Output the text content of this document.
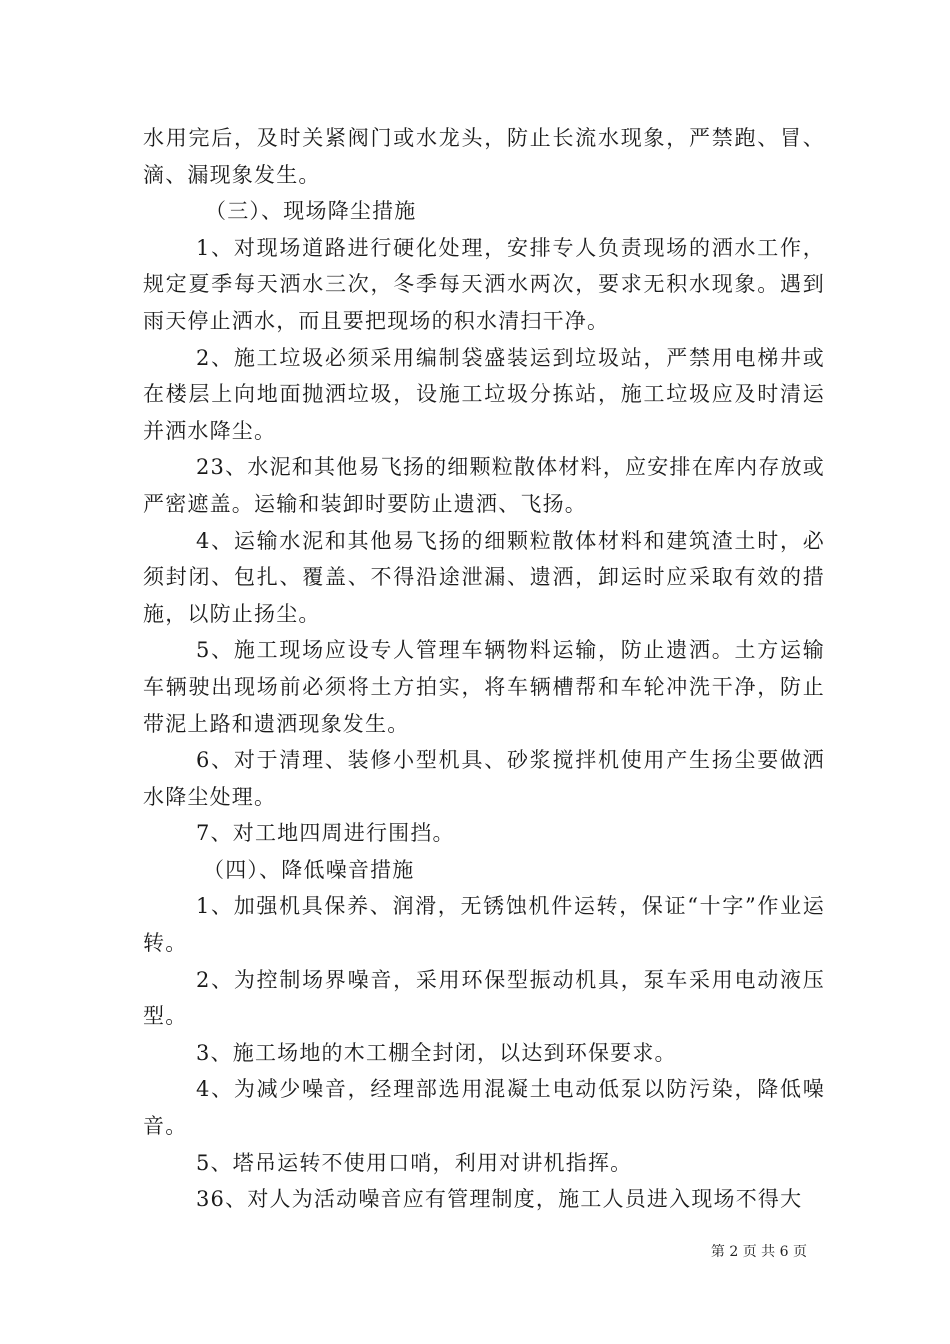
水用完后，及时关紧阀门或水龙头，防止长流水现象，严禁跑、冒、滴、漏现象发生。

（三）、现场降尘措施

1、对现场道路进行硬化处理，安排专人负责现场的洒水工作，规定夏季每天洒水三次，冬季每天洒水两次，要求无积水现象。遇到雨天停止洒水，而且要把现场的积水清扫干净。

2、施工垃圾必须采用编制袋盛装运到垃圾站，严禁用电梯井或在楼层上向地面抛洒垃圾，设施工垃圾分拣站，施工垃圾应及时清运并洒水降尘。

23、水泥和其他易飞扬的细颗粒散体材料，应安排在库内存放或严密遮盖。运输和装卸时要防止遗洒、飞扬。

4、运输水泥和其他易飞扬的细颗粒散体材料和建筑渣土时，必须封闭、包扎、覆盖、不得沿途泄漏、遗洒，卸运时应采取有效的措施，以防止扬尘。

5、施工现场应设专人管理车辆物料运输，防止遗洒。土方运输车辆驶出现场前必须将土方拍实，将车辆槽帮和车轮冲洗干净，防止带泥上路和遗洒现象发生。

6、对于清理、装修小型机具、砂浆搅拌机使用产生扬尘要做洒水降尘处理。

7、对工地四周进行围挡。

（四）、降低噪音措施

1、加强机具保养、润滑，无锈蚀机件运转，保证“十字”作业运转。

2、为控制场界噪音，采用环保型振动机具，泵车采用电动液压型。

3、施工场地的木工棚全封闭，以达到环保要求。

4、为减少噪音，经理部选用混凝土电动低泵以防污染，降低噪音。

5、塔吊运转不使用口哨，利用对讲机指挥。

36、对人为活动噪音应有管理制度，施工人员进入现场不得大

第 2 页 共 6 页
